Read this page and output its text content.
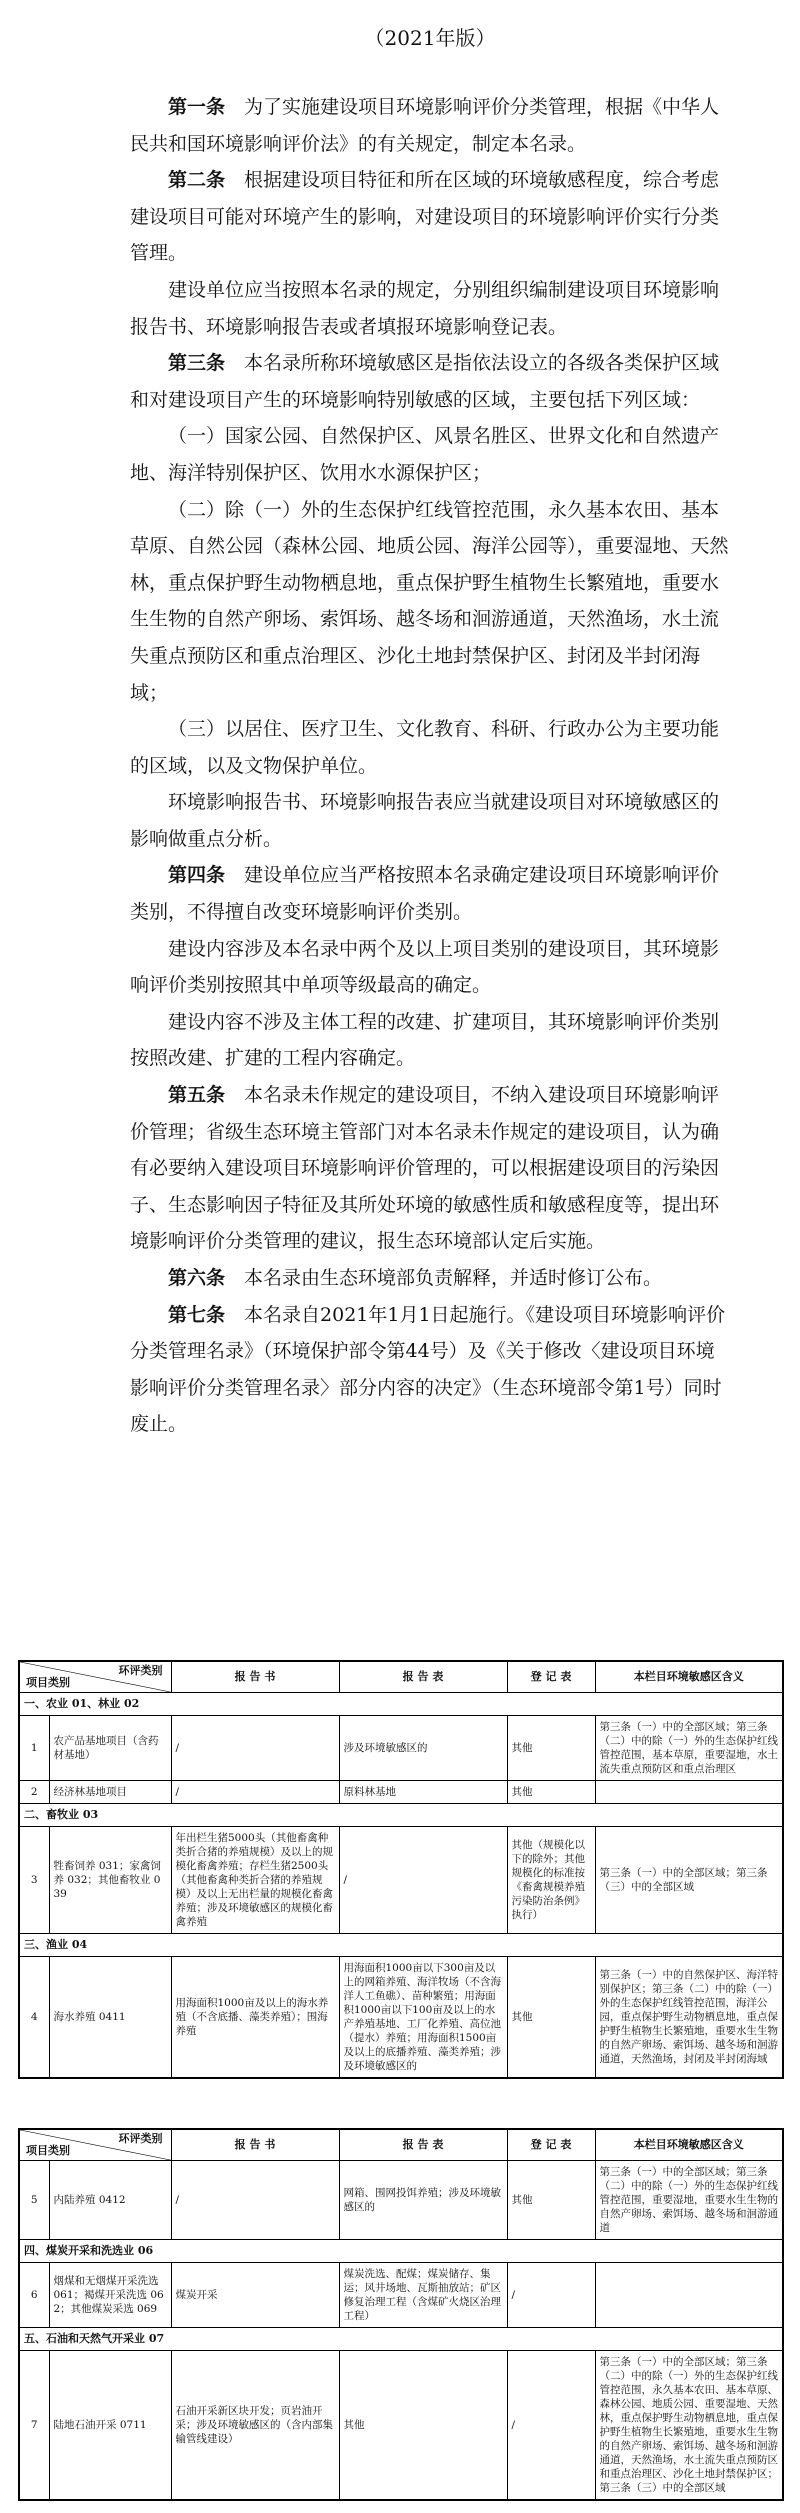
（2021年版）

第一条　 为了实施建设项目环境影响评价分类管理，根据《中华人民共和国环境影响评价法》的有关规定，制定本名录。

第二条　 根据建设项目特征和所在区域的环境敏感程度，综合考虑建设项目可能对环境产生的影响，对建设项目的环境影响评价实行分类管理。

建设单位应当按照本名录的规定，分别组织编制建设项目环境影响报告书、环境影响报告表或者填报环境影响登记表。

第三条　 本名录所称环境敏感区是指依法设立的各级各类保护区域和对建设项目产生的环境影响特别敏感的区域，主要包括下列区域：

（一）国家公园、自然保护区、风景名胜区、世界文化和自然遗产地、海洋特别保护区、饮用水水源保护区；

（二）除（一）外的生态保护红线管控范围，永久基本农田、基本草原、自然公园（森林公园、地质公园、海洋公园等），重要湿地、天然林，重点保护野生动物栖息地，重点保护野生植物生长繁殖地，重要水生生物的自然产卵场、索饵场、越冬场和洄游通道，天然渔场，水土流失重点预防区和重点治理区、沙化土地封禁保护区、封闭及半封闭海域；

（三）以居住、医疗卫生、文化教育、科研、行政办公为主要功能的区域，以及文物保护单位。

环境影响报告书、环境影响报告表应当就建设项目对环境敏感区的影响做重点分析。

第四条　 建设单位应当严格按照本名录确定建设项目环境影响评价类别，不得擅自改变环境影响评价类别。

建设内容涉及本名录中两个及以上项目类别的建设项目，其环境影响评价类别按照其中单项等级最高的确定。

建设内容不涉及主体工程的改建、扩建项目，其环境影响评价类别按照改建、扩建的工程内容确定。

第五条　 本名录未作规定的建设项目，不纳入建设项目环境影响评价管理；省级生态环境主管部门对本名录未作规定的建设项目，认为确有必要纳入建设项目环境影响评价管理的，可以根据建设项目的污染因子、生态影响因子特征及其所处环境的敏感性质和敏感程度等，提出环境影响评价分类管理的建议，报生态环境部认定后实施。

第六条　 本名录由生态环境部负责解释，并适时修订公布。

第七条　 本名录自2021年1月1日起施行。《建设项目环境影响评价分类管理名录》（环境保护部令第44号）及《关于修改〈建设项目环境影响评价分类管理名录〉部分内容的决定》（生态环境部令第1号）同时废止。

环评类别
项目类别		报 告 书	报 告 表	登 记 表	本栏目环境敏感区含义
一、农业 01、林业 02					
1	农产品基地项目（含药材基地）	/	涉及环境敏感区的	其他	第三条（一）中的全部区域；第三条（二）中的除（一）外的生态保护红线管控范围，基本草原，重要湿地，水土流失重点预防区和重点治理区
2	经济林基地项目	/	原料林基地	其他	
二、畜牧业 03					
3	牲畜饲养 031；家禽饲养 032；其他畜牧业 039	年出栏生猪5000头（其他畜禽种类折合猪的养殖规模）及以上的规模化畜禽养殖；存栏生猪2500头（其他畜禽种类折合猪的养殖规模）及以上无出栏量的规模化畜禽养殖；涉及环境敏感区的规模化畜禽养殖	/	其他（规模化以下的除外；其他规模化的标准按《畜禽规模养殖污染防治条例》执行）	第三条（一）中的全部区域；第三条（三）中的全部区域
三、渔业 04					
4	海水养殖 0411	用海面积1000亩及以上的海水养殖（不含底播、藻类养殖）；围海养殖	用海面积1000亩以下300亩及以上的网箱养殖、海洋牧场（不含海洋人工鱼礁）、苗种繁殖；用海面积1000亩以下100亩及以上的水产养殖基地、工厂化养殖、高位池（提水）养殖；用海面积1500亩及以上的底播养殖、藻类养殖；涉及环境敏感区的	其他	第三条（一）中的自然保护区、海洋特别保护区；第三条（二）中的除（一）外的生态保护红线管控范围，海洋公园，重点保护野生动物栖息地，重点保护野生植物生长繁殖地，重要水生生物的自然产卵场、索饵场、越冬场和洄游通道，天然渔场，封闭及半封闭海域
环评类别
项目类别		报 告 书	报 告 表	登 记 表	本栏目环境敏感区含义
5	内陆养殖 0412	/	网箱、围网投饵养殖；涉及环境敏感区的	其他	第三条（一）中的全部区域；第三条（二）中的除（一）外的生态保护红线管控范围，重要湿地，重要水生生物的自然产卵场、索饵场、越冬场和洄游通道
四、煤炭开采和洗选业 06					
6	烟煤和无烟煤开采洗选 061；褐煤开采洗选 062；其他煤炭采选 069	煤炭开采	煤炭洗选、配煤；煤炭储存、集运；风井场地、瓦斯抽放站；矿区修复治理工程（含煤矿火烧区治理工程）	/	
五、石油和天然气开采业 07					
7	陆地石油开采 0711	石油开采新区块开发；页岩油开采；涉及环境敏感区的（含内部集输管线建设）	其他	/	第三条（一）中的全部区域；第三条（二）中的除（一）外的生态保护红线管控范围，永久基本农田、基本草原、森林公园、地质公园、重要湿地、天然林，重点保护野生动物栖息地，重点保护野生植物生长繁殖地，重要水生生物的自然产卵场、索饵场、越冬场和洄游通道，天然渔场，水土流失重点预防区和重点治理区、沙化土地封禁保护区；第三条（三）中的全部区域
